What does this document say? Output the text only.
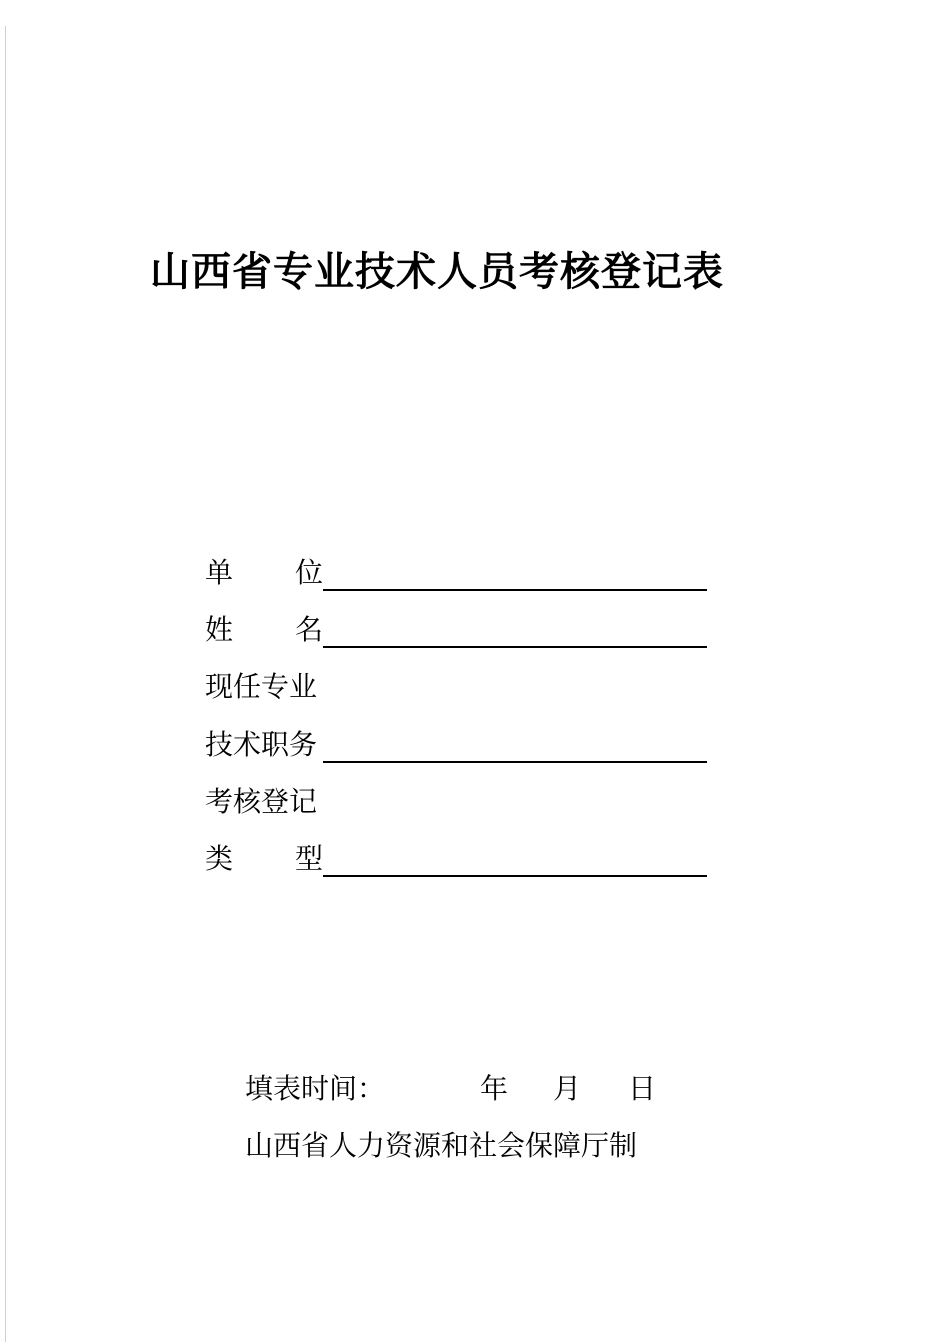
山西省专业技术人员考核登记表
单 位
姓 名
现任专业
技术职务
考核登记
类 型
填表时间：	年 月 日
山西省人力资源和社会保障厅制
